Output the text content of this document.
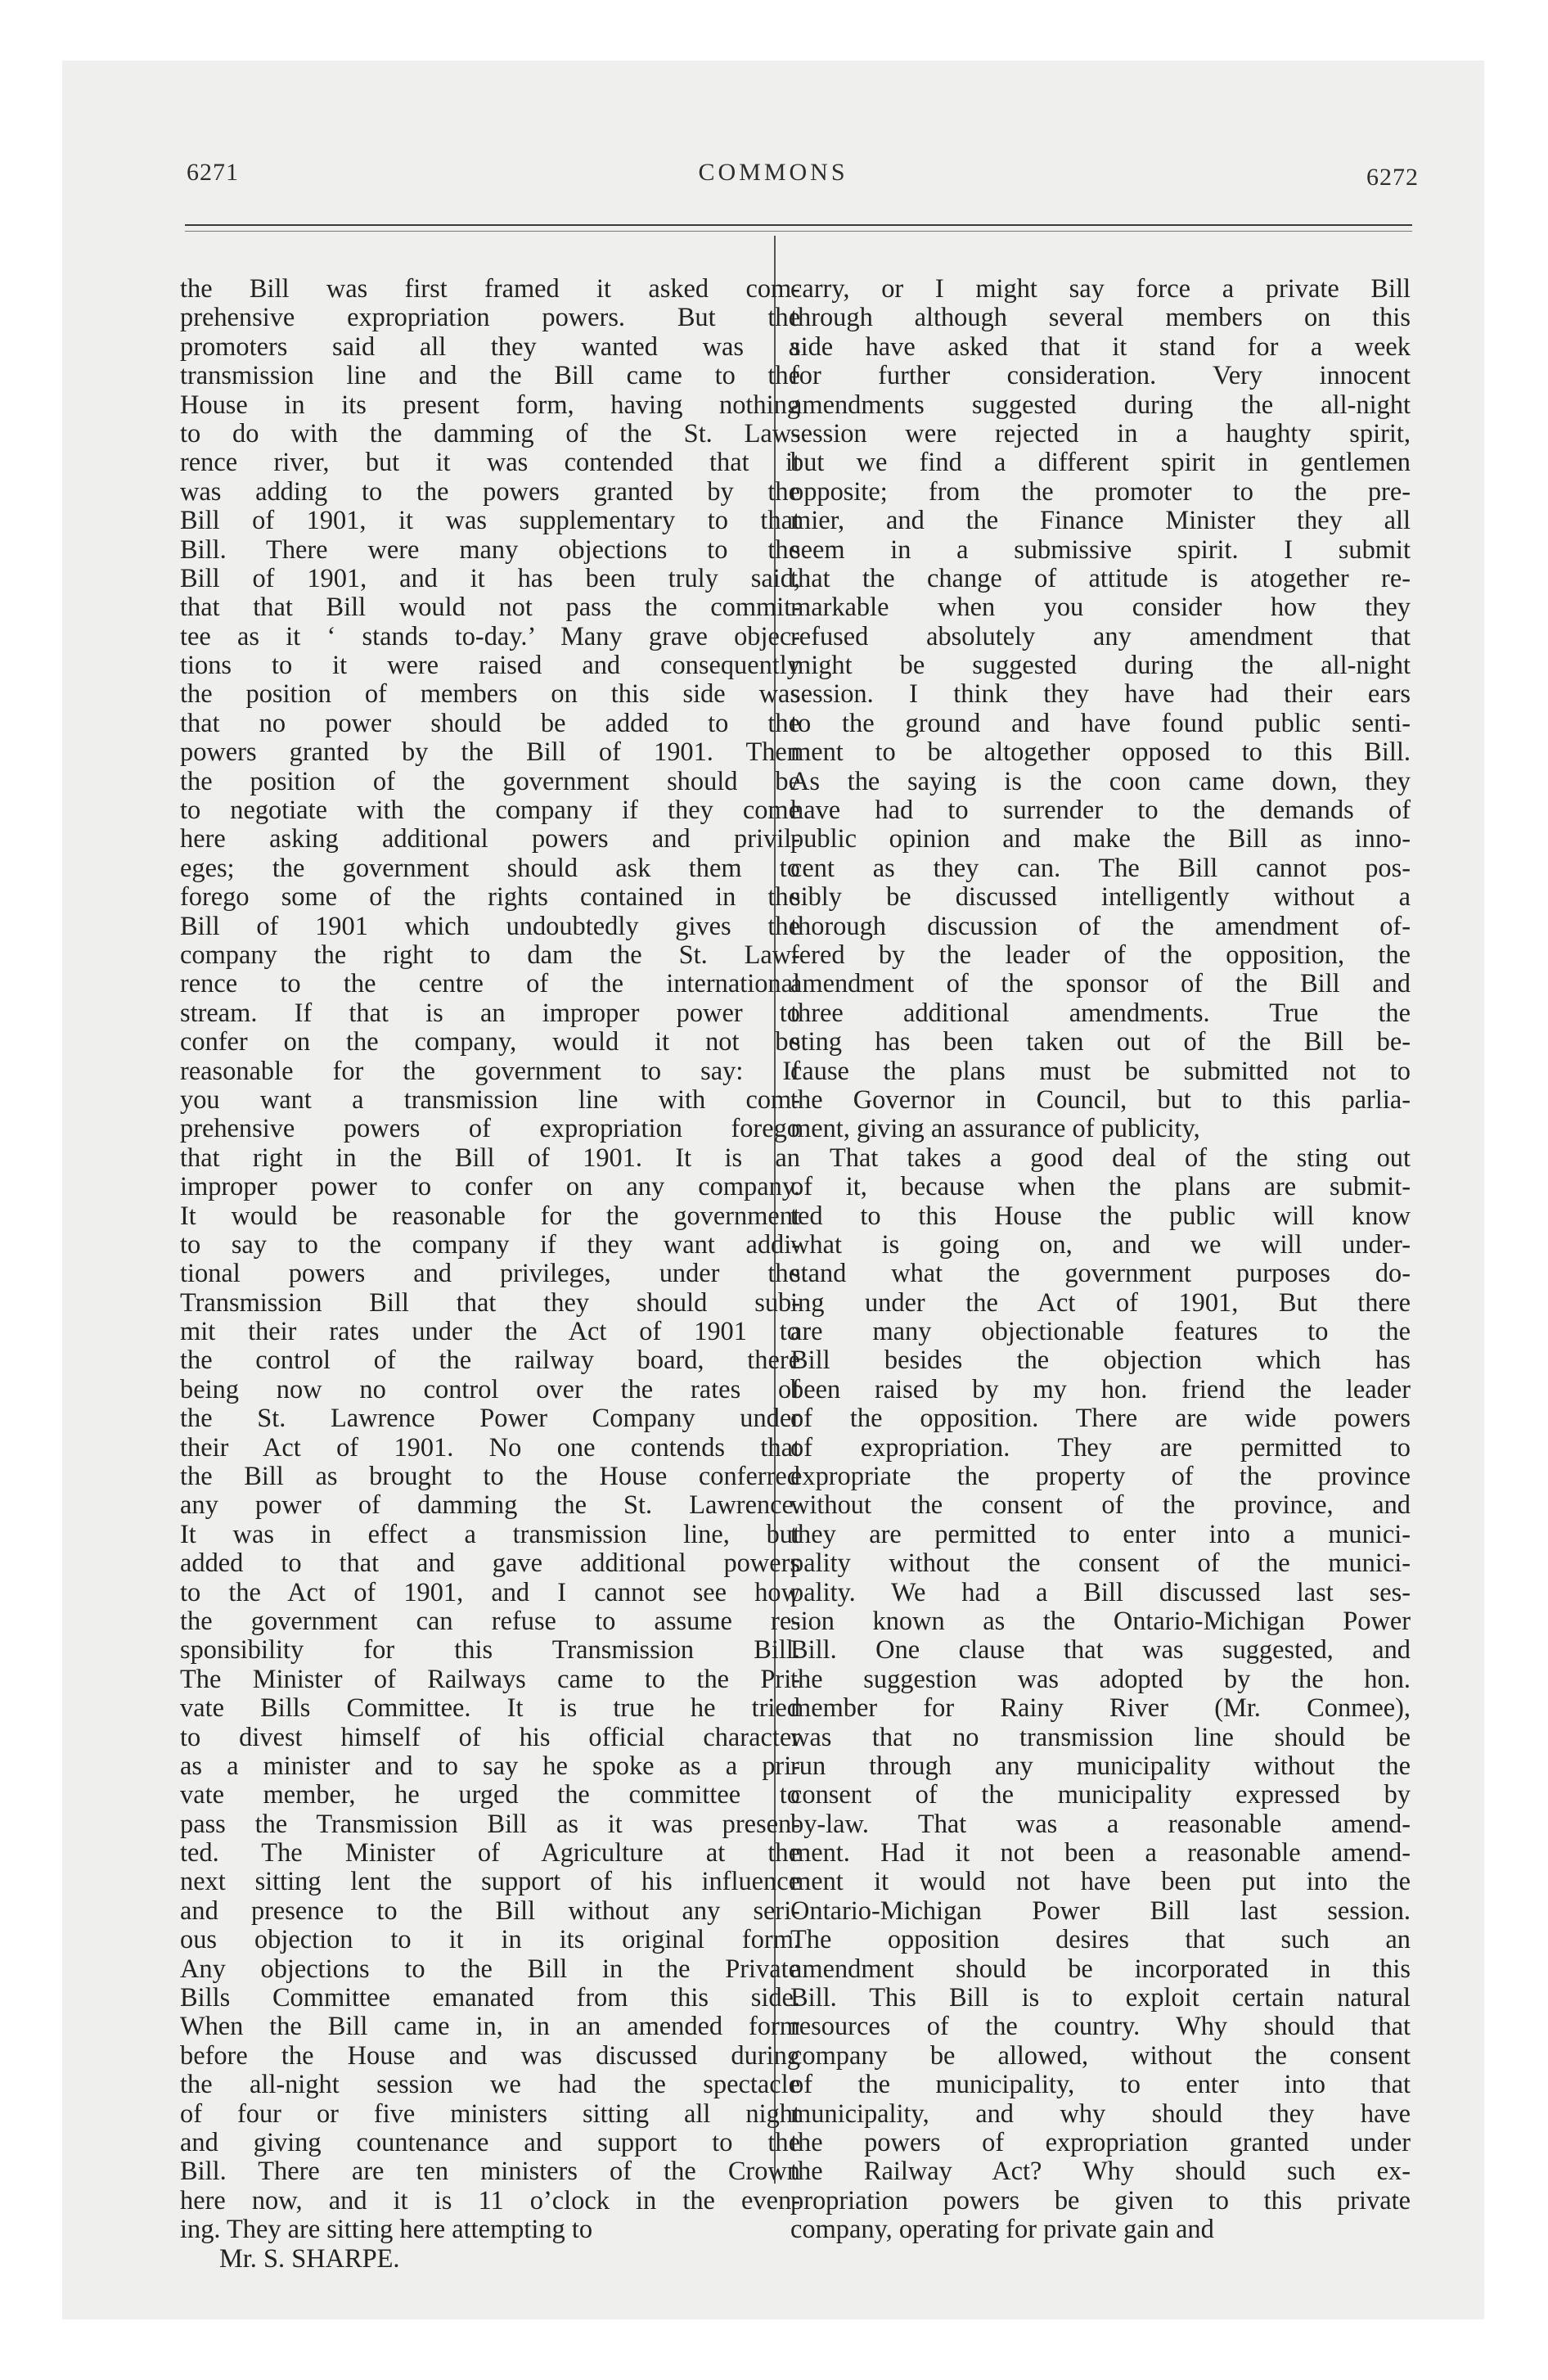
6271	COMMONS	6272
the Bill was first framed it asked com-
prehensive expropriation powers. But the
promoters said all they wanted was a
transmission line and the Bill came to the
House in its present form, having nothing
to do with the damming of the St. Law-
rence river, but it was contended that it
was adding to the powers granted by the
Bill of 1901, it was supplementary to that
Bill. There were many objections to the
Bill of 1901, and it has been truly said,
that that Bill would not pass the commit-
tee as it ‘ stands to-day.’ Many grave objec-
tions to it were raised and consequently
the position of members on this side was
that no power should be added to the
powers granted by the Bill of 1901. Then
the position of the government should be
to negotiate with the company if they come
here asking additional powers and privil-
eges; the government should ask them to
forego some of the rights contained in the
Bill of 1901 which undoubtedly gives the
company the right to dam the St. Law-
rence to the centre of the international
stream. If that is an improper power to
confer on the company, would it not be
reasonable for the government to say: If
you want a transmission line with com-
prehensive powers of expropriation forego
that right in the Bill of 1901. It is an
improper power to confer on any company.
It would be reasonable for the government
to say to the company if they want addi-
tional powers and privileges, under the
Transmission Bill that they should sub-
mit their rates under the Act of 1901 to
the control of the railway board, there
being now no control over the rates of
the St. Lawrence Power Company under
their Act of 1901. No one contends that
the Bill as brought to the House conferred
any power of damming the St. Lawrence.
It was in effect a transmission line, but
added to that and gave additional powers
to the Act of 1901, and I cannot see how
the government can refuse to assume re-
sponsibility for this Transmission Bill.
The Minister of Railways came to the Pri-
vate Bills Committee. It is true he tried
to divest himself of his official character
as a minister and to say he spoke as a pri-
vate member, he urged the committee to
pass the Transmission Bill as it was presen-
ted. The Minister of Agriculture at the
next sitting lent the support of his influence
and presence to the Bill without any seri-
ous objection to it in its original form.
Any objections to the Bill in the Private
Bills Committee emanated from this side.
When the Bill came in, in an amended form
before the House and was discussed during
the all-night session we had the spectacle
of four or five ministers sitting all night
and giving countenance and support to the
Bill. There are ten ministers of the Crown
here now, and it is 11 o’clock in the even-
ing. They are sitting here attempting to
Mr. S. SHARPE.
carry, or I might say force a private Bill
through although several members on this
side have asked that it stand for a week
for further consideration. Very innocent
amendments suggested during the all-night
session were rejected in a haughty spirit,
but we find a different spirit in gentlemen
opposite; from the promoter to the pre-
mier, and the Finance Minister they all
seem in a submissive spirit. I submit
that the change of attitude is atogether re-
markable when you consider how they
refused absolutely any amendment that
might be suggested during the all-night
session. I think they have had their ears
to the ground and have found public senti-
ment to be altogether opposed to this Bill.
As the saying is the coon came down, they
have had to surrender to the demands of
public opinion and make the Bill as inno-
cent as they can. The Bill cannot pos-
sibly be discussed intelligently without a
thorough discussion of the amendment of-
fered by the leader of the opposition, the
amendment of the sponsor of the Bill and
three additional amendments. True the
sting has been taken out of the Bill be-
cause the plans must be submitted not to
the Governor in Council, but to this parlia-
ment, giving an assurance of publicity,
That takes a good deal of the sting out
of it, because when the plans are submit-
ted to this House the public will know
what is going on, and we will under-
stand what the government purposes do-
ing under the Act of 1901, But there
are many objectionable features to the
Bill besides the objection which has
been raised by my hon. friend the leader
of the opposition. There are wide powers
of expropriation. They are permitted to
expropriate the property of the province
without the consent of the province, and
they are permitted to enter into a munici-
pality without the consent of the munici-
pality. We had a Bill discussed last ses-
sion known as the Ontario-Michigan Power
Bill. One clause that was suggested, and
the suggestion was adopted by the hon.
member for Rainy River (Mr. Conmee),
was that no transmission line should be
run through any municipality without the
consent of the municipality expressed by
by-law. That was a reasonable amend-
ment. Had it not been a reasonable amend-
ment it would not have been put into the
Ontario-Michigan Power Bill last session.
The opposition desires that such an
amendment should be incorporated in this
Bill. This Bill is to exploit certain natural
resources of the country. Why should that
company be allowed, without the consent
of the municipality, to enter into that
municipality, and why should they have
the powers of expropriation granted under
the Railway Act? Why should such ex-
propriation powers be given to this private
company, operating for private gain and
